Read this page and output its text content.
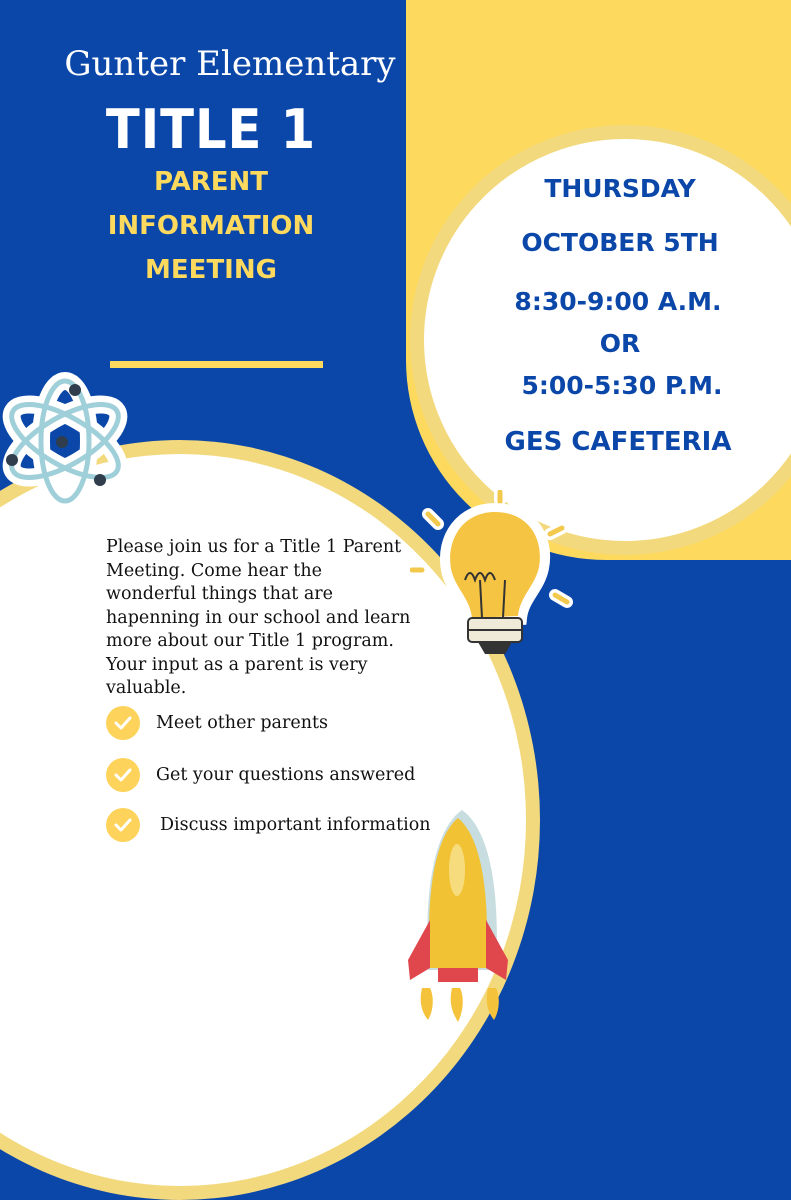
Gunter Elementary
TITLE 1
PARENT
INFORMATION
MEETING
THURSDAY
OCTOBER 5TH
8:30-9:00 A.M.
OR
5:00-5:30 P.M.
GES CAFETERIA
Please join us for a Title 1 Parent Meeting. Come hear the wonderful things that are hapenning in our school and learn more about our Title 1 program. Your input as a parent is very valuable.
Meet other parents
Get your questions answered
Discuss important information
